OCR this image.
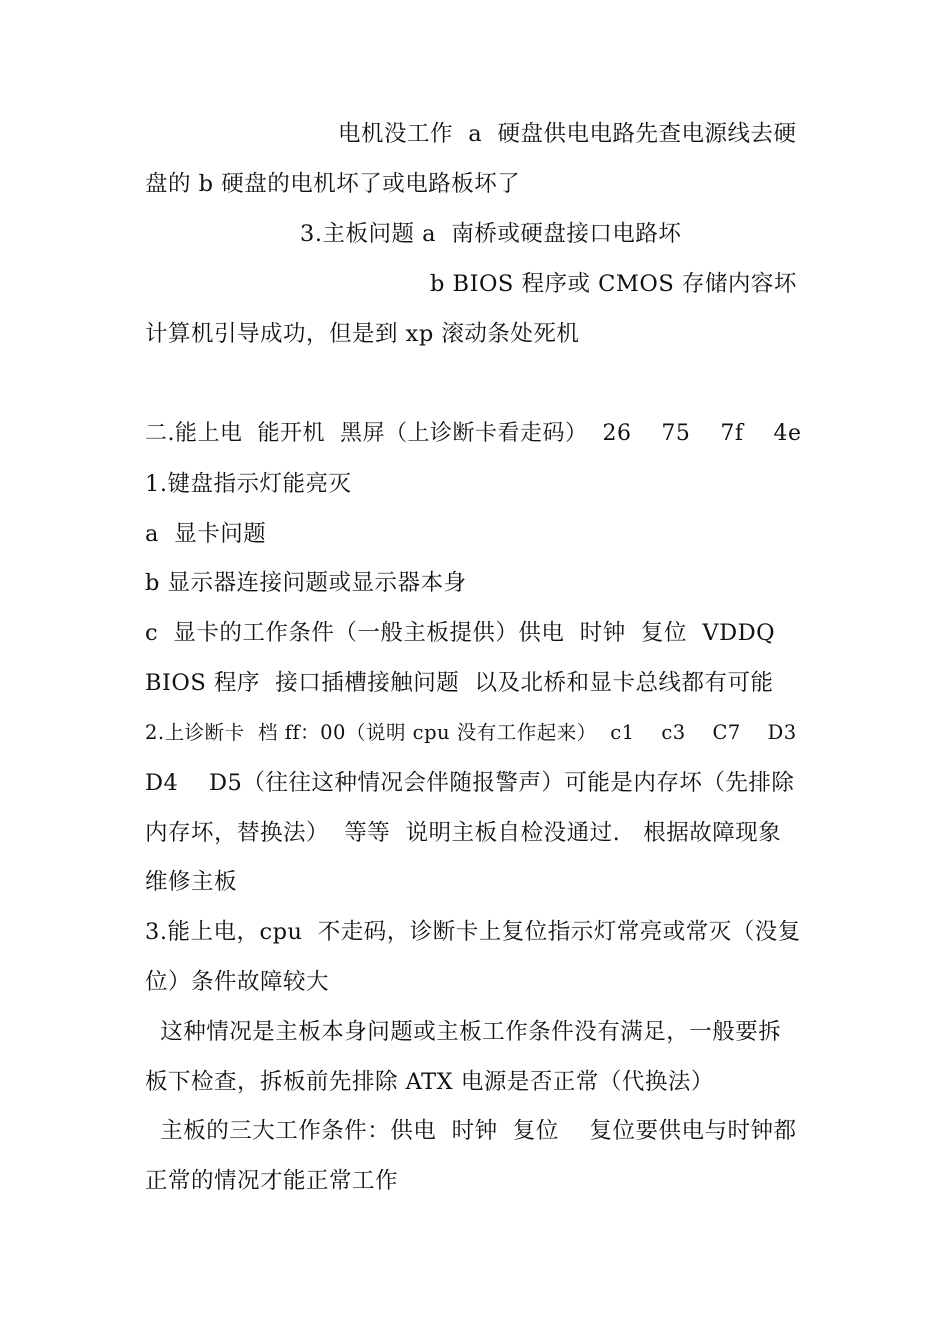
电机没工作  a  硬盘供电电路先查电源线去硬
盘的 b 硬盘的电机坏了或电路板坏了
3.主板问题 a  南桥或硬盘接口电路坏
b BIOS 程序或 CMOS 存储内容坏
计算机引导成功，但是到 xp 滚动条处死机
二.能上电  能开机  黑屏（上诊断卡看走码）  26    75    7f    4e
1.键盘指示灯能亮灭
a  显卡问题
b 显示器连接问题或显示器本身
c  显卡的工作条件（一般主板提供）供电  时钟  复位  VDDQ
BIOS 程序  接口插槽接触问题  以及北桥和显卡总线都有可能
2.上诊断卡  档 ff：00（说明 cpu 没有工作起来）  c1    c3    C7    D3
D4    D5（往往这种情况会伴随报警声）可能是内存坏（先排除
内存坏，替换法）  等等  说明主板自检没通过.   根据故障现象
维修主板
3.能上电，cpu  不走码，诊断卡上复位指示灯常亮或常灭（没复
位）条件故障较大
这种情况是主板本身问题或主板工作条件没有满足，一般要拆
板下检查，拆板前先排除 ATX 电源是否正常（代换法）
主板的三大工作条件：供电  时钟  复位    复位要供电与时钟都
正常的情况才能正常工作
